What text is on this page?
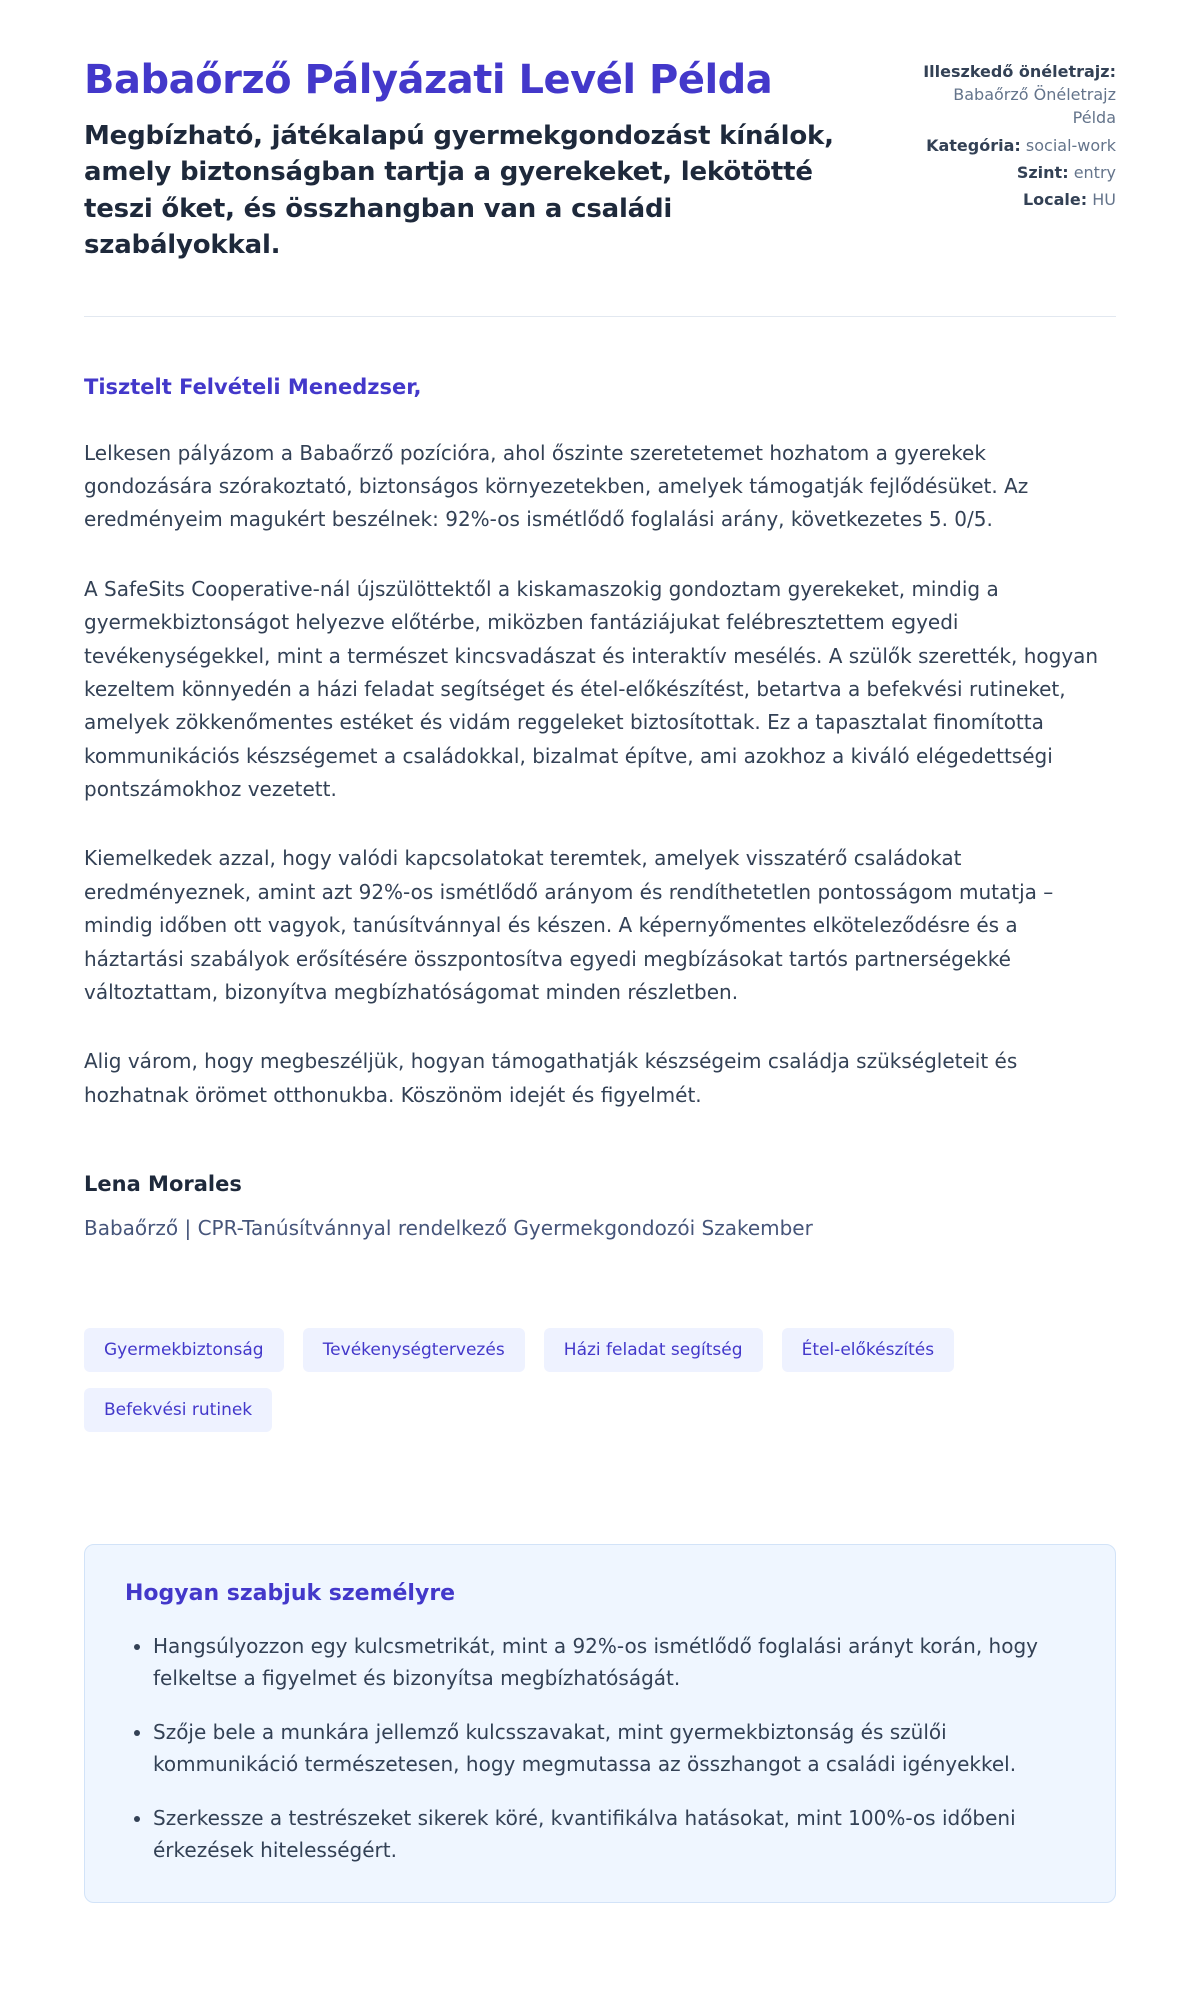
Babaőrző Pályázati Levél Példa

Megbízható, játékalapú gyermekgondozást kínálok, amely biztonságban tartja a gyerekeket, lekötötté teszi őket, és összhangban van a családi szabályokkal.

Illeszkedő önéletrajz: Babaőrző Önéletrajz Példa
Kategória: social-work
Szint: entry
Locale: HU

Tisztelt Felvételi Menedzser,

Lelkesen pályázom a Babaőrző pozícióra, ahol őszinte szeretetemet hozhatom a gyerekek gondozására szórakoztató, biztonságos környezetekben, amelyek támogatják fejlődésüket. Az eredményeim magukért beszélnek: 92%-os ismétlődő foglalási arány, következetes 5. 0/5.

A SafeSits Cooperative-nál újszülöttektől a kiskamaszokig gondoztam gyerekeket, mindig a gyermekbiztonságot helyezve előtérbe, miközben fantáziájukat felébresztettem egyedi tevékenységekkel, mint a természet kincsvadászat és interaktív mesélés. A szülők szerették, hogyan kezeltem könnyedén a házi feladat segítséget és étel-előkészítést, betartva a befekvési rutineket, amelyek zökkenőmentes estéket és vidám reggeleket biztosítottak. Ez a tapasztalat finomította kommunikációs készségemet a családokkal, bizalmat építve, ami azokhoz a kiváló elégedettségi pontszámokhoz vezetett.

Kiemelkedek azzal, hogy valódi kapcsolatokat teremtek, amelyek visszatérő családokat eredményeznek, amint azt 92%-os ismétlődő arányom és rendíthetetlen pontosságom mutatja – mindig időben ott vagyok, tanúsítvánnyal és készen. A képernyőmentes elköteleződésre és a háztartási szabályok erősítésére összpontosítva egyedi megbízásokat tartós partnerségekké változtattam, bizonyítva megbízhatóságomat minden részletben.

Alig várom, hogy megbeszéljük, hogyan támogathatják készségeim családja szükségleteit és hozhatnak örömet otthonukba. Köszönöm idejét és figyelmét.

Lena Morales

Babaőrző | CPR-Tanúsítvánnyal rendelkező Gyermekgondozói Szakember

Gyermekbiztonság	Tevékenységtervezés	Házi feladat segítség	Étel-előkészítés Befekvési rutinek
Hogyan szabjuk személyre
• Hangsúlyozzon egy kulcsmetrikát, mint a 92%-os ismétlődő foglalási arányt korán, hogy felkeltse a figyelmet és bizonyítsa megbízhatóságát.
• Szője bele a munkára jellemző kulcsszavakat, mint gyermekbiztonság és szülői kommunikáció természetesen, hogy megmutassa az összhangot a családi igényekkel.
• Szerkessze a testrészeket sikerek köré, kvantifikálva hatásokat, mint 100%-os időbeni érkezések hitelességért.
